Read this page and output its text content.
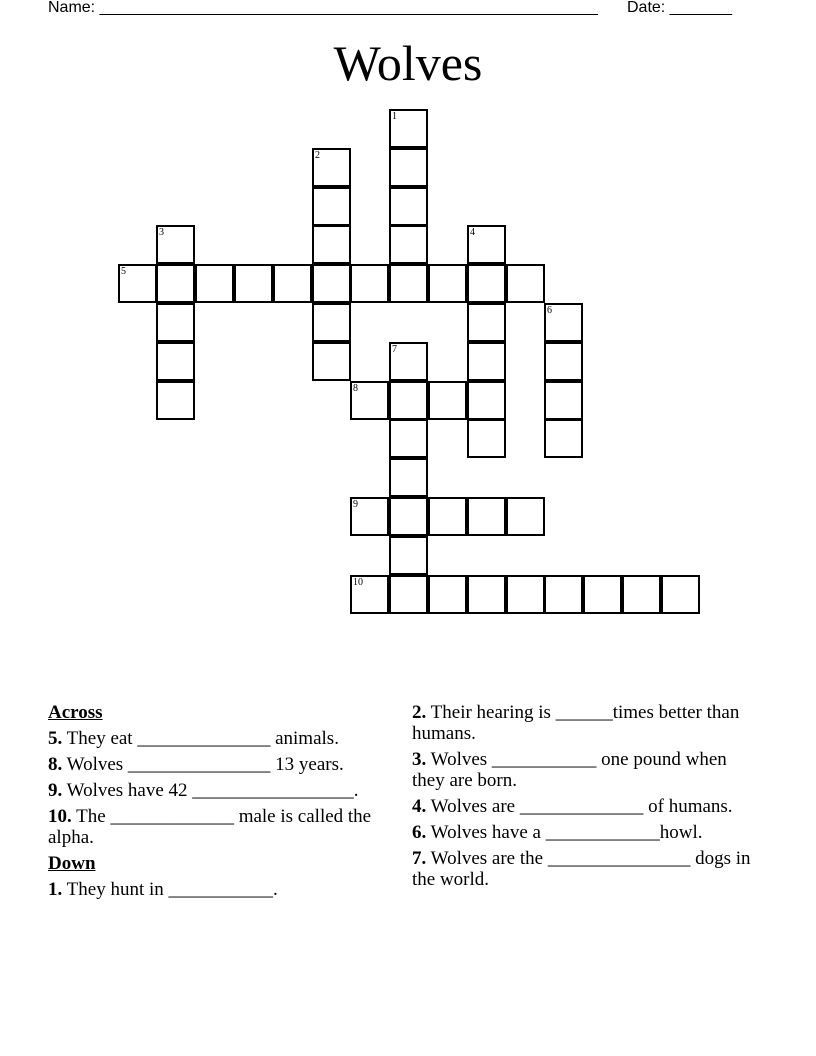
Name: ________________________________________________________ Date: _______
Wolves
1
2
3	4
5
6
7
8
9
10
Across
5. They eat ______________ animals.
8. Wolves _______________ 13 years.
9. Wolves have 42 _________________.
10. The _____________ male is called the alpha.
Down
1. They hunt in ___________.
2. Their hearing is ______times better than humans.
3. Wolves ___________ one pound when they are born.
4. Wolves are _____________ of humans.
6. Wolves have a ____________howl.
7. Wolves are the _______________ dogs in the world.
